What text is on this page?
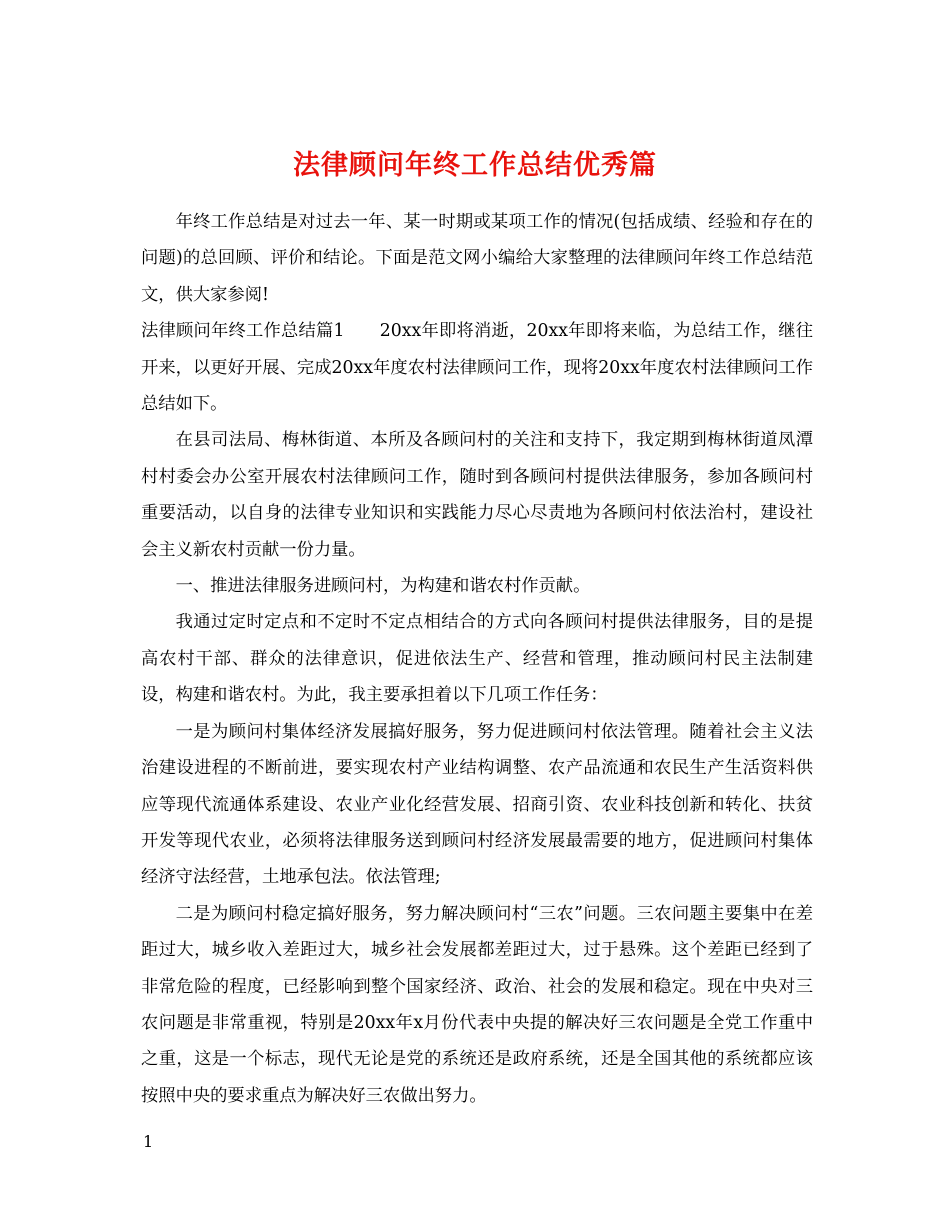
法律顾问年终工作总结优秀篇

年终工作总结是对过去一年、某一时期或某项工作的情况(包括成绩、经验和存在的问题)的总回顾、评价和结论。下面是范文网小编给大家整理的法律顾问年终工作总结范文，供大家参阅!

法律顾问年终工作总结篇1　　20xx年即将消逝，20xx年即将来临，为总结工作，继往开来，以更好开展、完成20xx年度农村法律顾问工作，现将20xx年度农村法律顾问工作总结如下。

在县司法局、梅林街道、本所及各顾问村的关注和支持下，我定期到梅林街道凤潭村村委会办公室开展农村法律顾问工作，随时到各顾问村提供法律服务，参加各顾问村重要活动，以自身的法律专业知识和实践能力尽心尽责地为各顾问村依法治村，建设社会主义新农村贡献一份力量。

一、推进法律服务进顾问村，为构建和谐农村作贡献。

我通过定时定点和不定时不定点相结合的方式向各顾问村提供法律服务，目的是提高农村干部、群众的法律意识，促进依法生产、经营和管理，推动顾问村民主法制建设，构建和谐农村。为此，我主要承担着以下几项工作任务：

一是为顾问村集体经济发展搞好服务，努力促进顾问村依法管理。随着社会主义法治建设进程的不断前进，要实现农村产业结构调整、农产品流通和农民生产生活资料供应等现代流通体系建设、农业产业化经营发展、招商引资、农业科技创新和转化、扶贫开发等现代农业，必须将法律服务送到顾问村经济发展最需要的地方，促进顾问村集体经济守法经营，土地承包法。依法管理;

二是为顾问村稳定搞好服务，努力解决顾问村“三农”问题。三农问题主要集中在差距过大，城乡收入差距过大，城乡社会发展都差距过大，过于悬殊。这个差距已经到了非常危险的程度，已经影响到整个国家经济、政治、社会的发展和稳定。现在中央对三农问题是非常重视，特别是20xx年x月份代表中央提的解决好三农问题是全党工作重中之重，这是一个标志，现代无论是党的系统还是政府系统，还是全国其他的系统都应该按照中央的要求重点为解决好三农做出努力。

1
